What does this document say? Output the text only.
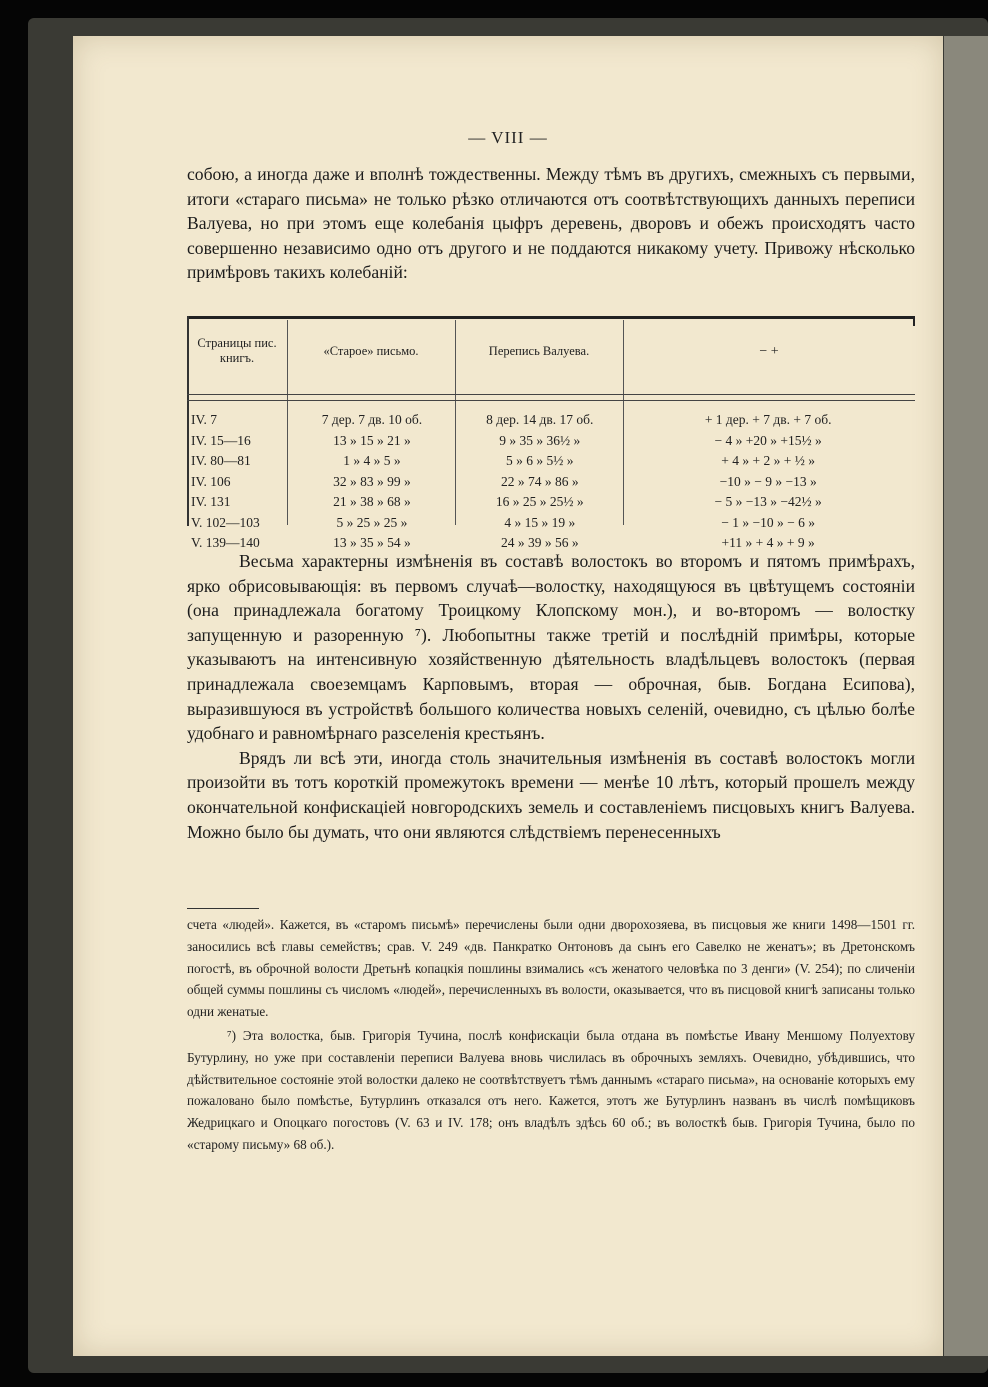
— VIII —

собою, а иногда даже и вполнѣ тождественны. Между тѣмъ въ другихъ, смежныхъ съ первыми, итоги «стараго письма» не только рѣзко отличаются отъ соотвѣтствующихъ данныхъ переписи Валуева, но при этомъ еще колебанія цыфръ деревень, дворовъ и обежъ происходятъ часто совершенно независимо одно отъ другого и не поддаются никакому учету. Привожу нѣсколько примѣровъ такихъ колебаній:

Страницы пис. книгъ.	«Старое» письмо.	Перепись Валуева.	− +
IV. 7	7 дер. 7 дв. 10 об.	8 дер. 14 дв. 17 об.	+ 1 дер. + 7 дв. + 7 об.
IV. 15—16	13 » 15 » 21 »	9 » 35 » 36½ »	− 4 » +20 » +15½ »
IV. 80—81	1 » 4 » 5 »	5 » 6 » 5½ »	+ 4 » + 2 » + ½ »
IV. 106	32 » 83 » 99 »	22 » 74 » 86 »	−10 » − 9 » −13 »
IV. 131	21 » 38 » 68 »	16 » 25 » 25½ »	− 5 » −13 » −42½ »
V. 102—103	5 » 25 » 25 »	4 » 15 » 19 »	− 1 » −10 » − 6 »
V. 139—140	13 » 35 » 54 »	24 » 39 » 56 »	+11 » + 4 » + 9 »

Весьма характерны измѣненія въ составѣ волостокъ во второмъ и пятомъ примѣрахъ, ярко обрисовывающія: въ первомъ случаѣ—волостку, находящуюся въ цвѣтущемъ состояніи (она принадлежала богатому Троицкому Клопскому мон.), и во-второмъ — волостку запущенную и разоренную ⁷). Любопытны также третій и послѣдній примѣры, которые указываютъ на интенсивную хозяйственную дѣятельность владѣльцевъ волостокъ (первая принадлежала своеземцамъ Карповымъ, вторая — оброчная, быв. Богдана Есипова), выразившуюся въ устройствѣ большого количества новыхъ селеній, очевидно, съ цѣлью болѣе удобнаго и равномѣрнаго разселенія крестьянъ.

Врядъ ли всѣ эти, иногда столь значительныя измѣненія въ составѣ волостокъ могли произойти въ тотъ короткій промежутокъ времени — менѣе 10 лѣтъ, который прошелъ между окончательной конфискаціей новгородскихъ земель и составленіемъ писцовыхъ книгъ Валуева. Можно было бы думать, что они являются слѣдствіемъ перенесенныхъ

счета «людей». Кажется, въ «старомъ письмѣ» перечислены были одни дворохозяева, въ писцовыя же книги 1498—1501 гг. заносились всѣ главы семействъ; срав. V. 249 «дв. Панкратко Онтоновъ да сынъ его Савелко не женатъ»; въ Дретонскомъ погостѣ, въ оброчной волости Дретьнѣ копацкія пошлины взимались «съ женатого человѣка по 3 денги» (V. 254); по сличеніи общей суммы пошлины съ числомъ «людей», перечисленныхъ въ волости, оказывается, что въ писцовой книгѣ записаны только одни женатые.

⁷) Эта волостка, быв. Григорія Тучина, послѣ конфискаціи была отдана въ помѣстье Ивану Меншому Полуехтову Бутурлину, но уже при составленіи переписи Валуева вновь числилась въ оброчныхъ земляхъ. Очевидно, убѣдившись, что дѣйствительное состояніе этой волостки далеко не соотвѣтствуетъ тѣмъ даннымъ «стараго письма», на основаніе которыхъ ему пожаловано было помѣстье, Бутурлинъ отказался отъ него. Кажется, этотъ же Бутурлинъ названъ въ числѣ помѣщиковъ Жедрицкаго и Опоцкаго погостовъ (V. 63 и IV. 178; онъ владѣлъ здѣсь 60 об.; въ волосткѣ быв. Григорія Тучина, было по «старому письму» 68 об.).
